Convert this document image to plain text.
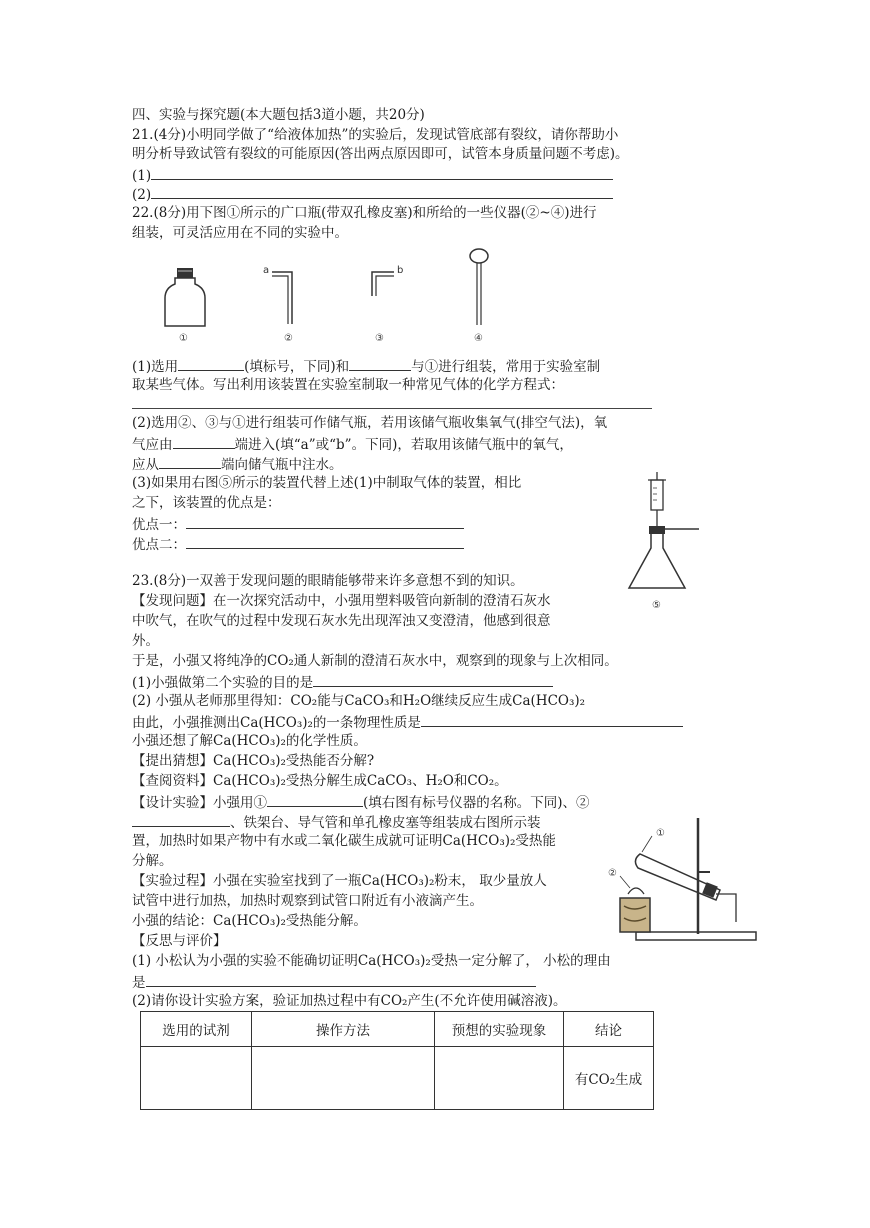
四、实验与探究题(本大题包括3道小题，共20分)
21.(4分)小明同学做了“给液体加热”的实验后，发现试管底部有裂纹，请你帮助小
明分析导致试管有裂纹的可能原因(答出两点原因即可，试管本身质量问题不考虑)。
(1)
(2)
22.(8分)用下图①所示的广口瓶(带双孔橡皮塞)和所给的一些仪器(②~④)进行
组装，可灵活应用在不同的实验中。
①
a
②
b
③	④
(1)选用	(填标号，下同)和	与①进行组装，常用于实验室制
取某些气体。写出利用该装置在实验室制取一种常见气体的化学方程式：
(2)选用②、③与①进行组装可作储气瓶，若用该储气瓶收集氧气(排空气法)，氧
气应由	端进入(填“a”或“b”。下同)，若取用该储气瓶中的氧气，
应从	端向储气瓶中注水。
(3)如果用右图⑤所示的装置代替上述(1)中制取气体的装置，相比
之下，该装置的优点是：
优点一：
优点二：
⑤
23.(8分)一双善于发现问题的眼睛能够带来许多意想不到的知识。
【发现问题】在一次探究活动中，小强用塑料吸管向新制的澄清石灰水
中吹气，在吹气的过程中发现石灰水先出现浑浊又变澄清，他感到很意
外。
于是，小强又将纯净的CO₂通人新制的澄清石灰水中，观察到的现象与上次相同。
(1)小强做第二个实验的目的是
(2) 小强从老师那里得知：CO₂能与CaCO₃和H₂O继续反应生成Ca(HCO₃)₂
由此，小强推测出Ca(HCO₃)₂的一条物理性质是
小强还想了解Ca(HCO₃)₂的化学性质。
【提出猜想】Ca(HCO₃)₂受热能否分解?
【查阅资料】Ca(HCO₃)₂受热分解生成CaCO₃、H₂O和CO₂。
【设计实验】小强用①	(填右图有标号仪器的名称。下同)、②
、铁架台、导气管和单孔橡皮塞等组装成右图所示装
置，加热时如果产物中有水或二氧化碳生成就可证明Ca(HCO₃)₂受热能
分解。
【实验过程】小强在实验室找到了一瓶Ca(HCO₃)₂粉末， 取少量放人
试管中进行加热，加热时观察到试管口附近有小液滴产生。
小强的结论：Ca(HCO₃)₂受热能分解。
【反思与评价】
(1) 小松认为小强的实验不能确切证明Ca(HCO₃)₂受热一定分解了， 小松的理由
是
(2)请你设计实验方案，验证加热过程中有CO₂产生(不允许使用碱溶液)。
①
②
选用的试剂	操作方法	预想的实验现象	结论
			有CO₂生成
